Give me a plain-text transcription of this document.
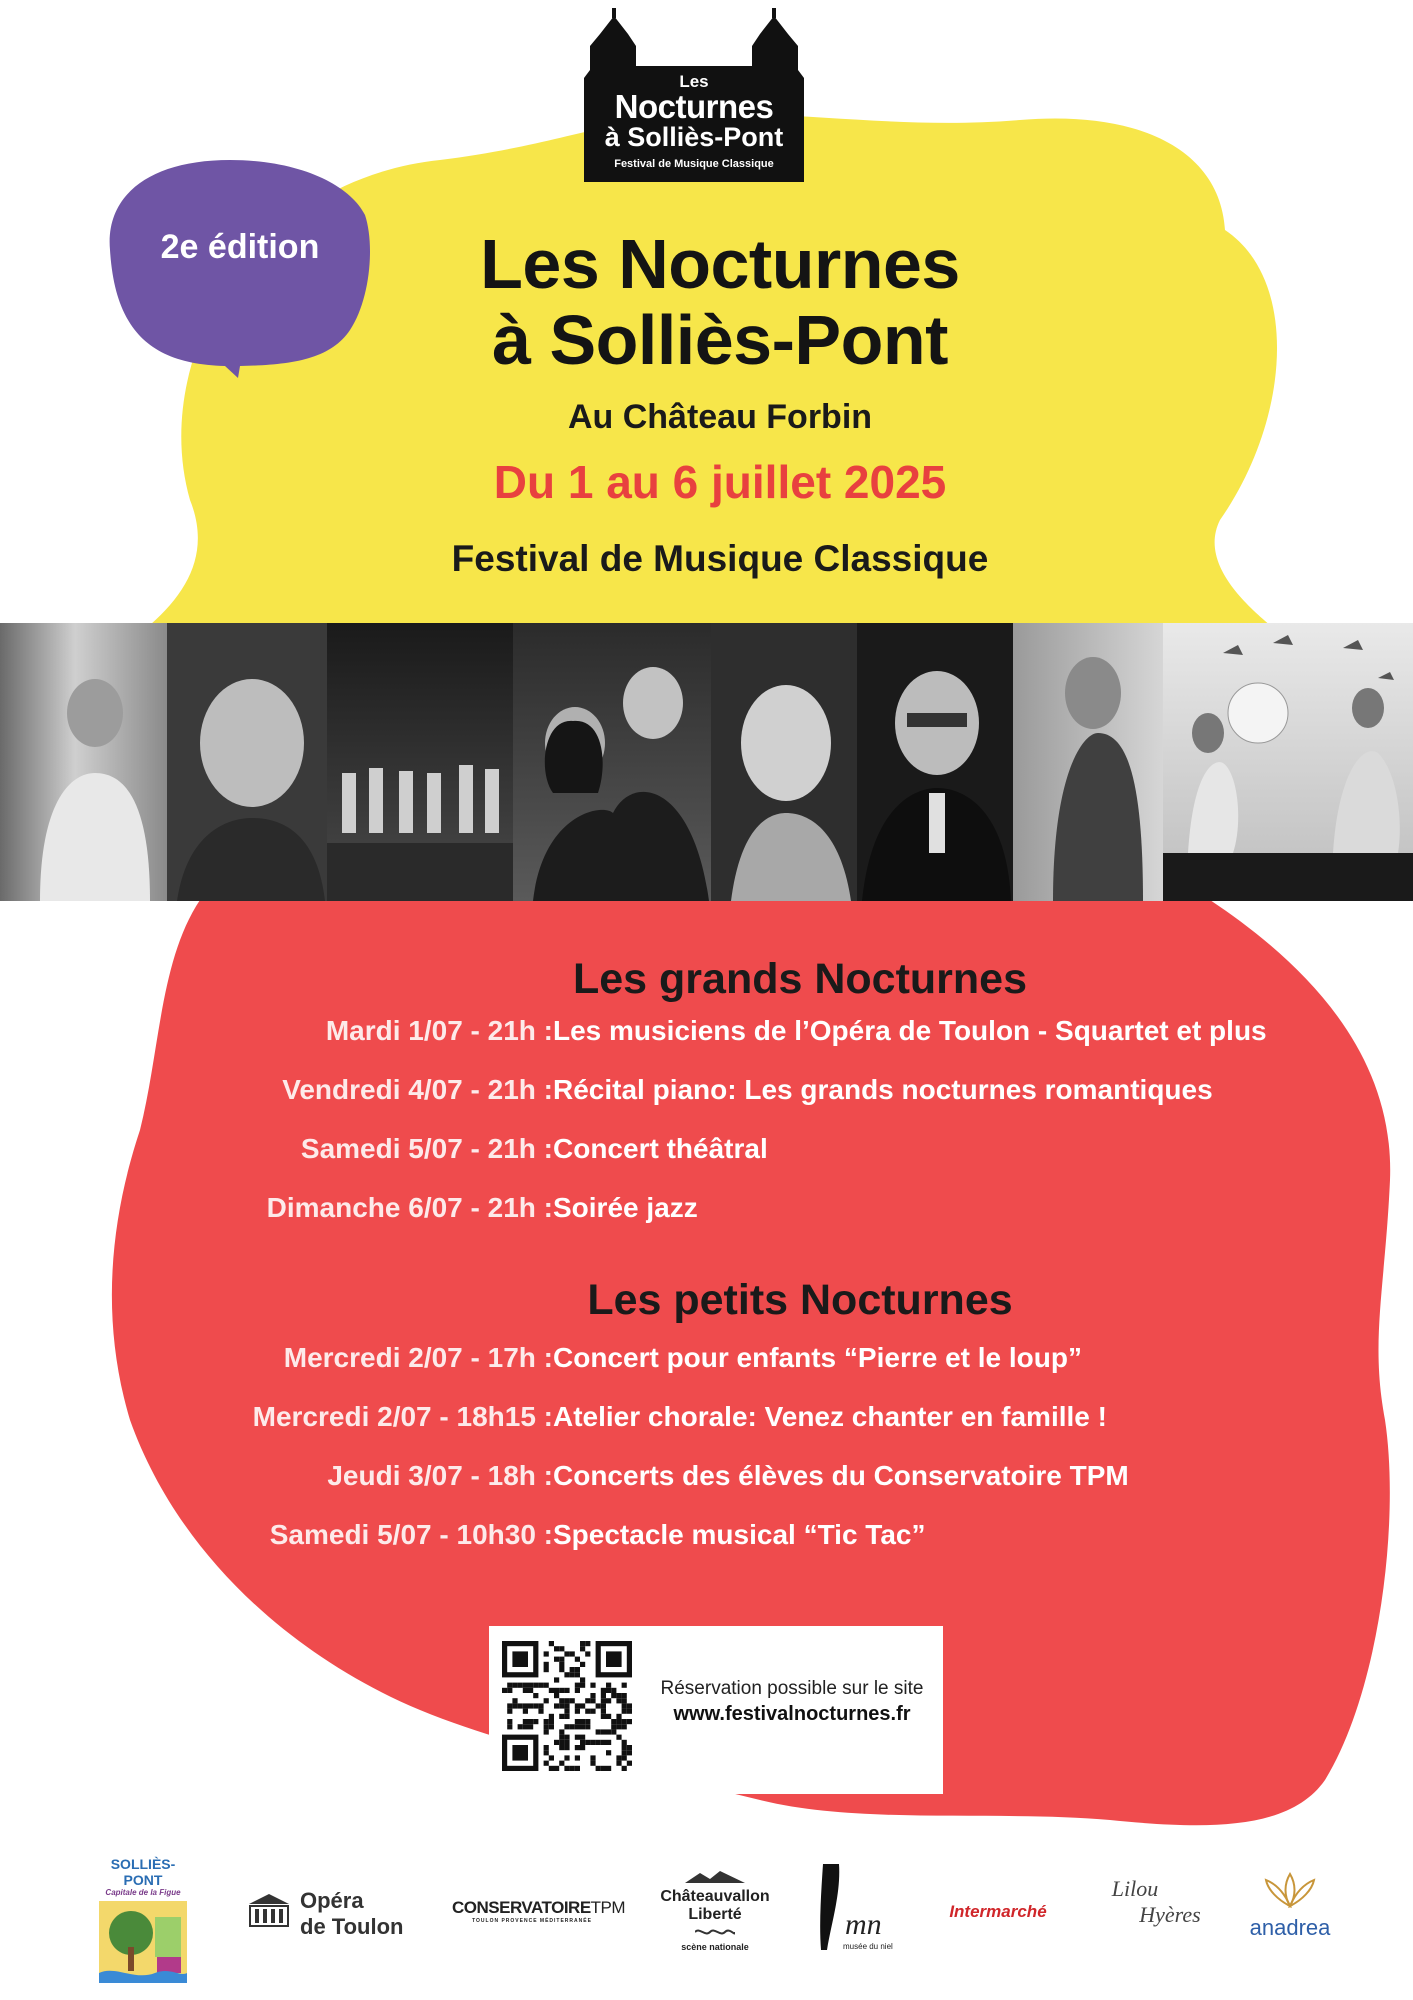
Les
Nocturnes
à Solliès-Pont
Festival de Musique Classique
2e édition	Les Nocturnes
à Solliès-Pont
Au Château Forbin
Du 1 au 6 juillet 2025
Festival de Musique Classique
Les grands Nocturnes
Mardi 1/07 - 21h : Les musiciens de l’Opéra de Toulon - Squartet et plus
Vendredi 4/07 - 21h : Récital piano: Les grands nocturnes romantiques
Samedi 5/07 - 21h : Concert théâtral
Dimanche 6/07 - 21h : Soirée jazz
Les petits Nocturnes
Mercredi 2/07 - 17h : Concert pour enfants “Pierre et le loup”
Mercredi 2/07 - 18h15 : Atelier chorale: Venez chanter en famille !
Jeudi 3/07 - 18h : Concerts des élèves du Conservatoire TPM
Samedi 5/07 - 10h30 : Spectacle musical “Tic Tac”
Réservation possible sur le site
www.festivalnocturnes.fr
SOLLIÈS-PONT
Capitale de la Figue	Opéra
de Toulon
CONSERVATOIRETPM
TOULON PROVENCE MÉDITERRANÉE
Châteauvallon
Liberté
scène nationale
mn
musée du niel
Intermarché
Lilou
Hyères
anadrea
